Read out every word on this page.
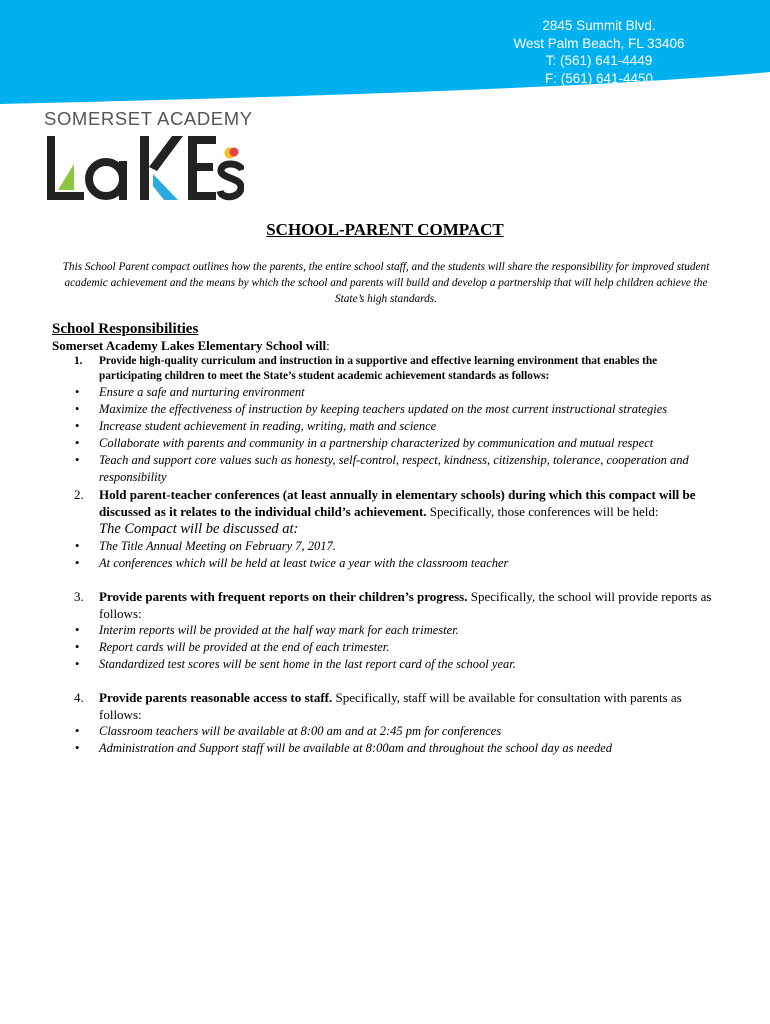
2845 Summit Blvd.
West Palm Beach, FL 33406
T: (561) 641-4449
F: (561) 641-4450
www.somersetacademylakes.com
SOMERSET ACADEMY
SCHOOL-PARENT COMPACT

This School Parent compact outlines how the parents, the entire school staff, and the students will share the responsibility for improved student academic achievement and the means by which the school and parents will build and develop a partnership that will help children achieve the State’s high standards.

School Responsibilities
Somerset Academy Lakes Elementary School will:
1. Provide high-quality curriculum and instruction in a supportive and effective learning environment that enables the participating children to meet the State’s student academic achievement standards as follows:
• Ensure a safe and nurturing environment
• Maximize the effectiveness of instruction by keeping teachers updated on the most current instructional strategies
• Increase student achievement in reading, writing, math and science
• Collaborate with parents and community in a partnership characterized by communication and mutual respect
• Teach and support core values such as honesty, self-control, respect, kindness, citizenship, tolerance, cooperation and responsibility
2. Hold parent-teacher conferences (at least annually in elementary schools) during which this compact will be discussed as it relates to the individual child’s achievement. Specifically, those conferences will be held:
The Compact will be discussed at:
• The Title Annual Meeting on February 7, 2017.
• At conferences which will be held at least twice a year with the classroom teacher
3. Provide parents with frequent reports on their children’s progress. Specifically, the school will provide reports as follows:
• Interim reports will be provided at the half way mark for each trimester.
• Report cards will be provided at the end of each trimester.
• Standardized test scores will be sent home in the last report card of the school year.
4. Provide parents reasonable access to staff. Specifically, staff will be available for consultation with parents as follows:
• Classroom teachers will be available at 8:00 am and at 2:45 pm for conferences
• Administration and Support staff will be available at 8:00am and throughout the school day as needed
